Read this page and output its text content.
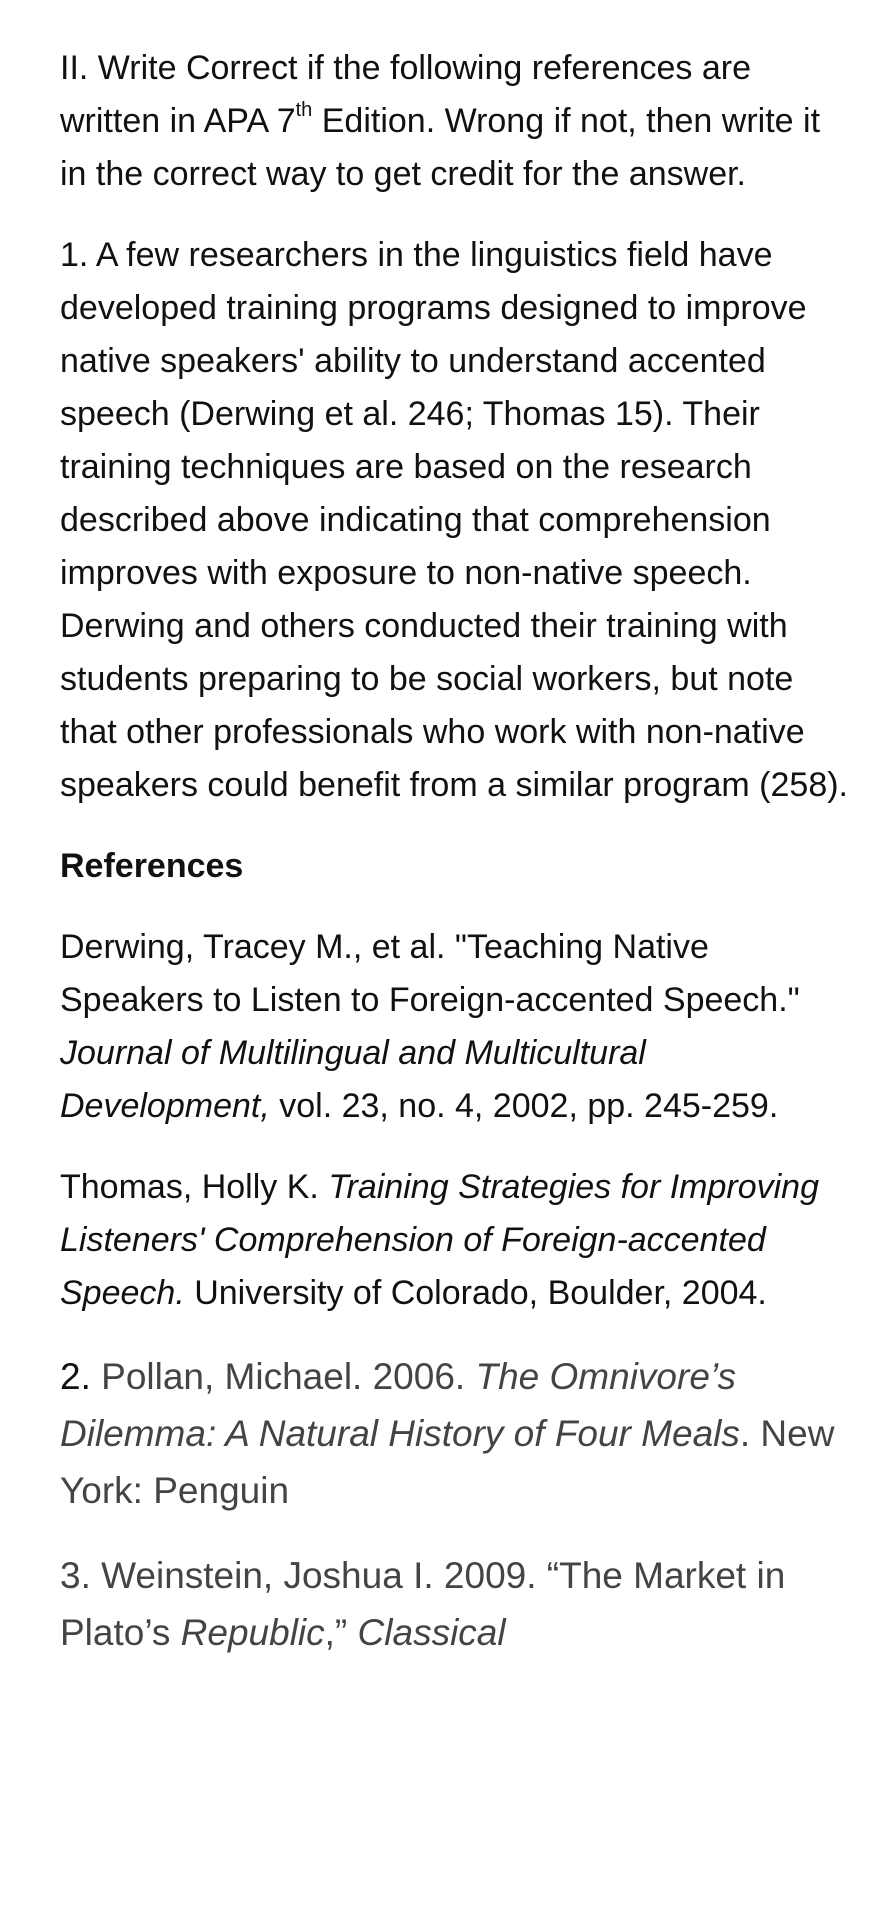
II. Write Correct if the following references are written in APA 7th Edition. Wrong if not, then write it in the correct way to get credit for the answer.

1. A few researchers in the linguistics field have developed training programs designed to improve native speakers' ability to understand accented speech (Derwing et al. 246; Thomas 15). Their training techniques are based on the research described above indicating that comprehension improves with exposure to non-native speech. Derwing and others conducted their training with students preparing to be social workers, but note that other professionals who work with non-native speakers could benefit from a similar program (258).

References

Derwing, Tracey M., et al. "Teaching Native Speakers to Listen to Foreign-accented Speech." Journal of Multilingual and Multicultural Development, vol. 23, no. 4, 2002, pp. 245-259.

Thomas, Holly K. Training Strategies for Improving Listeners' Comprehension of Foreign-accented Speech. University of Colorado, Boulder, 2004.

2. Pollan, Michael. 2006. The Omnivore’s Dilemma: A Natural History of Four Meals. New York: Penguin

3. Weinstein, Joshua I. 2009. “The Market in Plato’s Republic,” Classical
